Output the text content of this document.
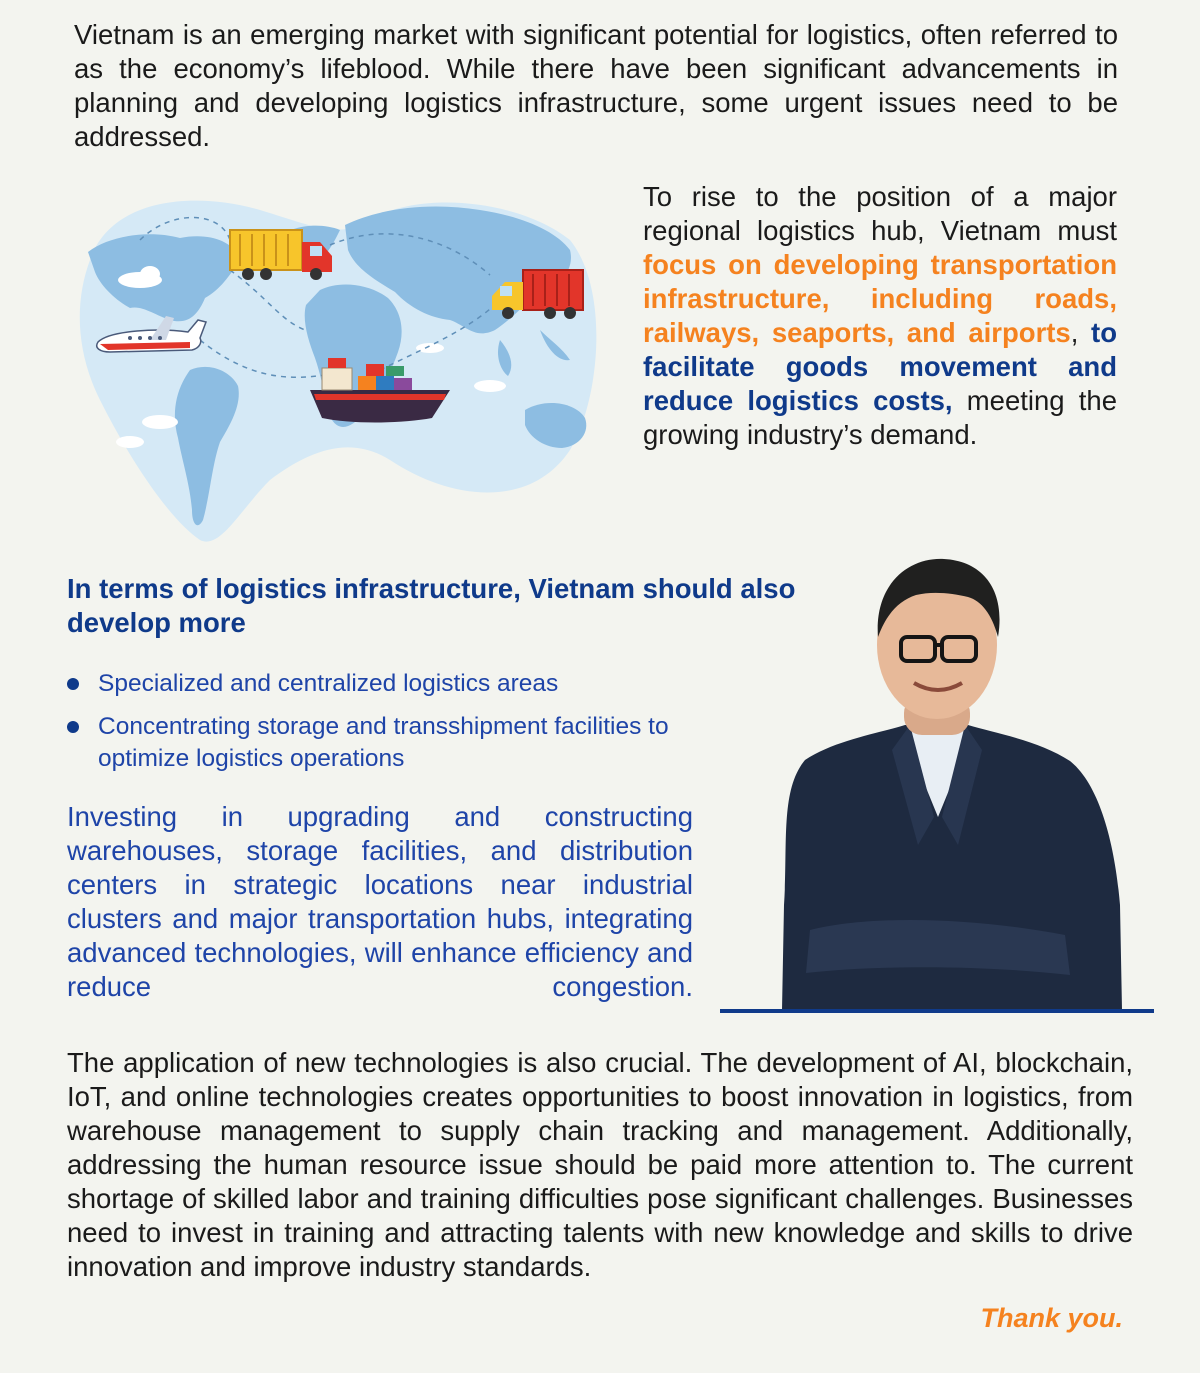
Vietnam is an emerging market with significant potential for logistics, often referred to as the economy’s lifeblood. While there have been significant advancements in planning and developing logistics infrastructure, some urgent issues need to be addressed.

To rise to the position of a major regional logistics hub, Vietnam must focus on developing transportation infrastructure, including roads, railways, seaports, and airports, to facilitate goods movement and reduce logistics costs, meeting the growing industry’s demand.

In terms of logistics infrastructure, Vietnam should also develop more
Specialized and centralized logistics areas
Concentrating storage and transshipment facilities to optimize logistics operations

Investing in upgrading and constructing warehouses, storage facilities, and distribution centers in strategic locations near industrial clusters and major transportation hubs, integrating advanced technologies, will enhance efficiency and reduce congestion.

The application of new technologies is also crucial. The development of AI, blockchain, IoT, and online technologies creates opportunities to boost innovation in logistics, from warehouse management to supply chain tracking and management. Additionally, addressing the human resource issue should be paid more attention to. The current shortage of skilled labor and training difficulties pose significant challenges. Businesses need to invest in training and attracting talents with new knowledge and skills to drive innovation and improve industry standards.

Thank you.
